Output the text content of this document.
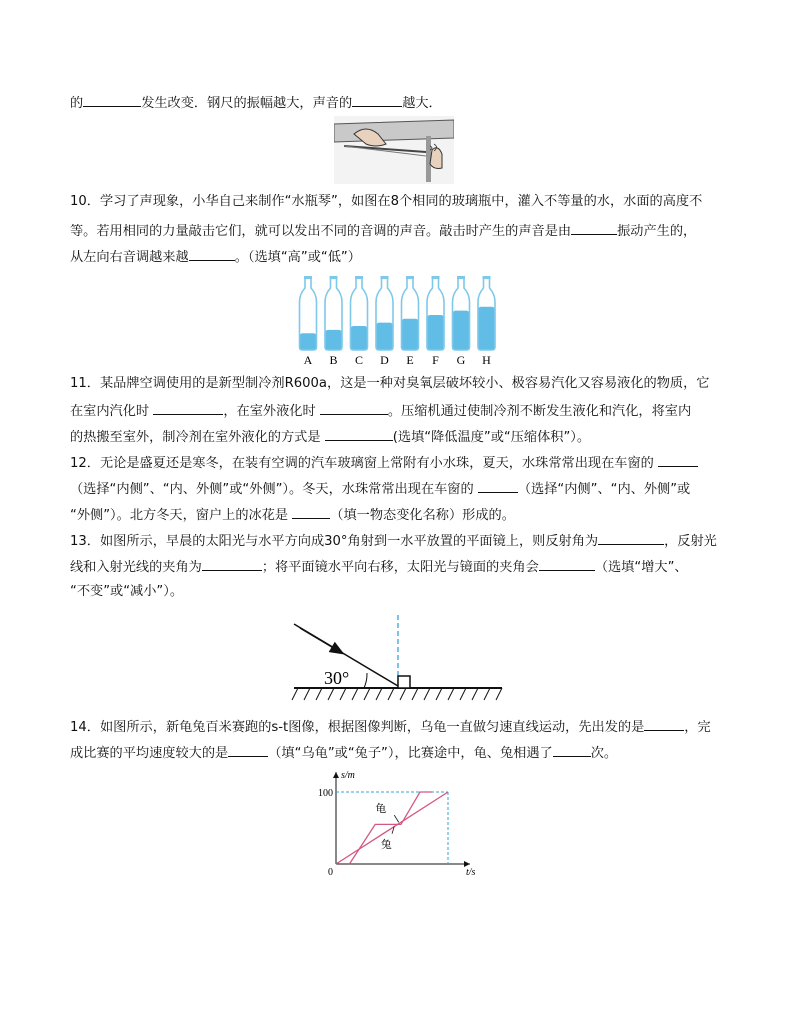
的	发生改变．钢尺的振幅越大，声音的	越大．
10．学习了声现象，小华自己来制作“水瓶琴”，如图在8个相同的玻璃瓶中，灌入不等量的水，水面的高度不
等。若用相同的力量敲击它们，就可以发出不同的音调的声音。敲击时产生的声音是由	振动产生的，
从左向右音调越来越	。（选填“高”或“低”）
A B C D E F G H
11．某品牌空调使用的是新型制冷剂R600a，这是一种对臭氧层破坏较小、极容易汽化又容易液化的物质，它
在室内汽化时	，在室外液化时	。压缩机通过使制冷剂不断发生液化和汽化，将室内
的热搬至室外，制冷剂在室外液化的方式是	(选填“降低温度”或“压缩体积”）。
12．无论是盛夏还是寒冬，在装有空调的汽车玻璃窗上常附有小水珠，夏天，水珠常常出现在车窗的
（选择“内侧”、“内、外侧”或“外侧”）。冬天，水珠常常出现在车窗的	（选择“内侧”、“内、外侧”或
“外侧”）。北方冬天，窗户上的冰花是	（填一物态变化名称）形成的。
13．如图所示，早晨的太阳光与水平方向成30°角射到一水平放置的平面镜上，则反射角为	，反射光
线和入射光线的夹角为	；将平面镜水平向右移，太阳光与镜面的夹角会	（选填“增大”、
“不变”或“减小”）。
30°
14．如图所示，新龟兔百米赛跑的s-t图像，根据图像判断，乌龟一直做匀速直线运动，先出发的是	，完
成比赛的平均速度较大的是	（填“乌龟”或“兔子”），比赛途中，龟、兔相遇了	次。
s/m
t/s
0
100
龟
兔
